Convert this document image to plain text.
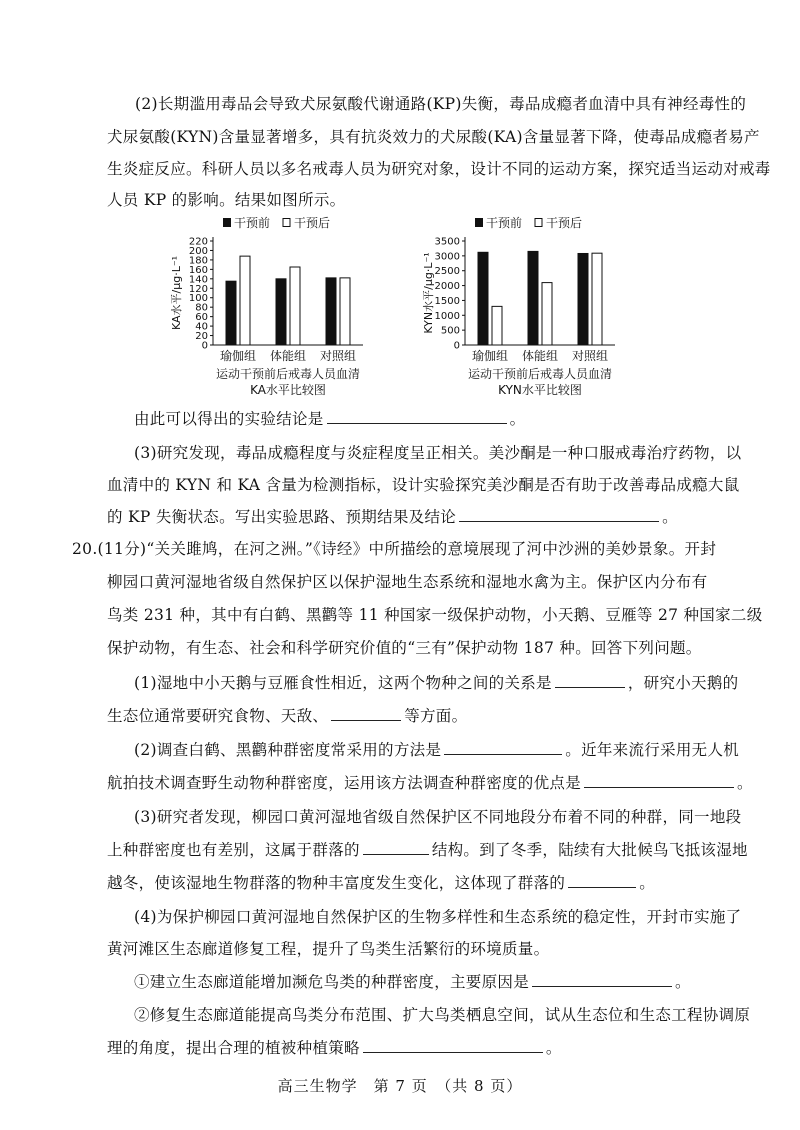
(2)长期滥用毒品会导致犬尿氨酸代谢通路(KP)失衡，毒品成瘾者血清中具有神经毒性的
犬尿氨酸(KYN)含量显著增多，具有抗炎效力的犬尿酸(KA)含量显著下降，使毒品成瘾者易产
生炎症反应。科研人员以多名戒毒人员为研究对象，设计不同的运动方案，探究适当运动对戒毒
人员 KP 的影响。结果如图所示。
干预前 干预后
0
20
40
60
80
100
120
140
160
180
200
220
KA水平/μg·L⁻¹
瑜伽组 体能组 对照组
运动干预前后戒毒人员血清
KA水平比较图
干预前 干预后
0
500
1000
1500
2000
2500
3000
3500
KYN水平/μg·L⁻¹
瑜伽组 体能组 对照组
运动干预前后戒毒人员血清
KYN水平比较图
由此可以得出的实验结论是	。
(3)研究发现，毒品成瘾程度与炎症程度呈正相关。美沙酮是一种口服戒毒治疗药物，以
血清中的 KYN 和 KA 含量为检测指标，设计实验探究美沙酮是否有助于改善毒品成瘾大鼠
的 KP 失衡状态。写出实验思路、预期结果及结论	。
20.(11分)“关关雎鸠，在河之洲。”《诗经》中所描绘的意境展现了河中沙洲的美妙景象。开封
柳园口黄河湿地省级自然保护区以保护湿地生态系统和湿地水禽为主。保护区内分布有
鸟类 231 种，其中有白鹤、黑鹳等 11 种国家一级保护动物，小天鹅、豆雁等 27 种国家二级
保护动物，有生态、社会和科学研究价值的“三有”保护动物 187 种。回答下列问题。
(1)湿地中小天鹅与豆雁食性相近，这两个物种之间的关系是	，研究小天鹅的
生态位通常要研究食物、天敌、	等方面。
(2)调查白鹤、黑鹳种群密度常采用的方法是	。近年来流行采用无人机
航拍技术调查野生动物种群密度，运用该方法调查种群密度的优点是	。
(3)研究者发现，柳园口黄河湿地省级自然保护区不同地段分布着不同的种群，同一地段
上种群密度也有差别，这属于群落的	结构。到了冬季，陆续有大批候鸟飞抵该湿地
越冬，使该湿地生物群落的物种丰富度发生变化，这体现了群落的	。
(4)为保护柳园口黄河湿地自然保护区的生物多样性和生态系统的稳定性，开封市实施了
黄河滩区生态廊道修复工程，提升了鸟类生活繁衍的环境质量。
①建立生态廊道能增加濒危鸟类的种群密度，主要原因是	。
②修复生态廊道能提高鸟类分布范围、扩大鸟类栖息空间，试从生态位和生态工程协调原
理的角度，提出合理的植被种植策略	。
高三生物学　第 7 页　（共 8 页）
